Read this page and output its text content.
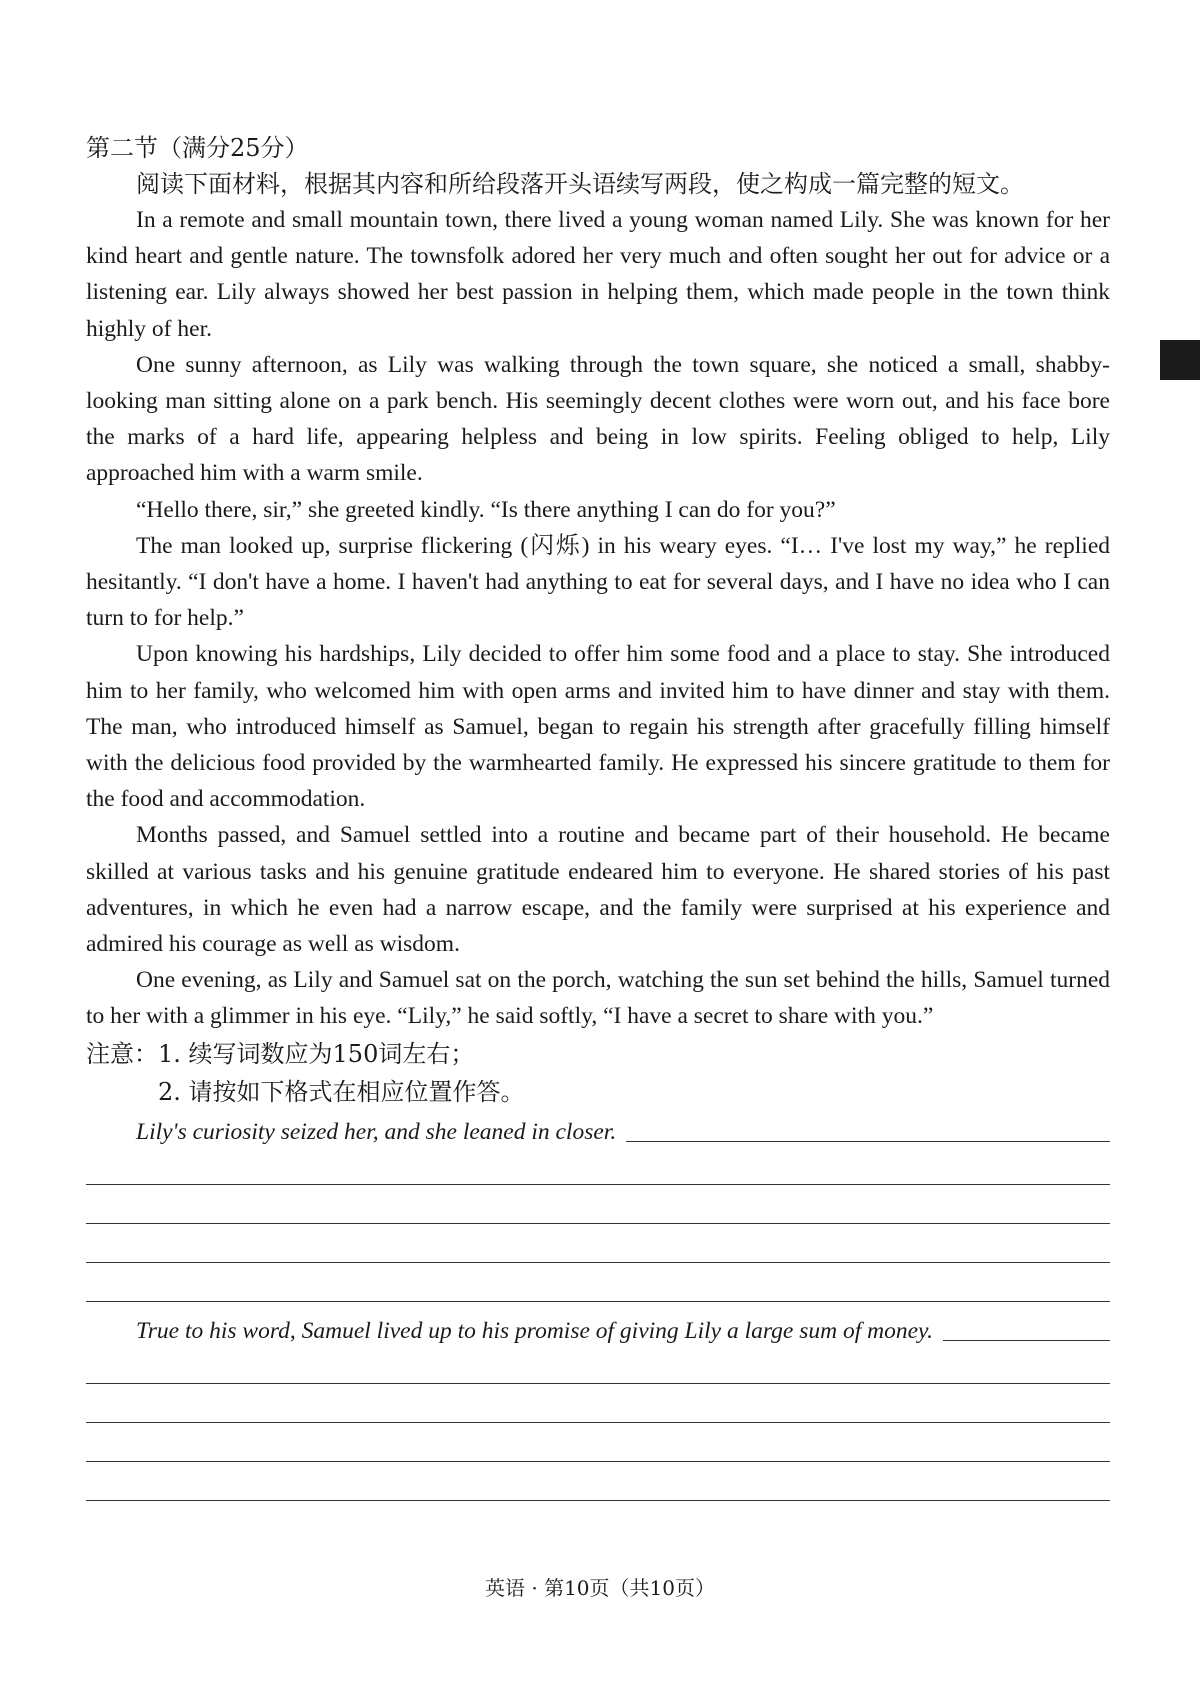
第二节（满分25分）

阅读下面材料，根据其内容和所给段落开头语续写两段，使之构成一篇完整的短文。

In a remote and small mountain town, there lived a young woman named Lily. She was known for her kind heart and gentle nature. The townsfolk adored her very much and often sought her out for advice or a listening ear. Lily always showed her best passion in helping them, which made people in the town think highly of her.

One sunny afternoon, as Lily was walking through the town square, she noticed a small, shabby-looking man sitting alone on a park bench. His seemingly decent clothes were worn out, and his face bore the marks of a hard life, appearing helpless and being in low spirits. Feeling obliged to help, Lily approached him with a warm smile.

“Hello there, sir,” she greeted kindly. “Is there anything I can do for you?”

The man looked up, surprise flickering (闪烁) in his weary eyes. “I… I've lost my way,” he replied hesitantly. “I don't have a home. I haven't had anything to eat for several days, and I have no idea who I can turn to for help.”

Upon knowing his hardships, Lily decided to offer him some food and a place to stay. She introduced him to her family, who welcomed him with open arms and invited him to have dinner and stay with them. The man, who introduced himself as Samuel, began to regain his strength after gracefully filling himself with the delicious food provided by the warmhearted family. He expressed his sincere gratitude to them for the food and accommodation.

Months passed, and Samuel settled into a routine and became part of their household. He became skilled at various tasks and his genuine gratitude endeared him to everyone. He shared stories of his past adventures, in which he even had a narrow escape, and the family were surprised at his experience and admired his courage as well as wisdom.

One evening, as Lily and Samuel sat on the porch, watching the sun set behind the hills, Samuel turned to her with a glimmer in his eye. “Lily,” he said softly, “I have a secret to share with you.”

注意：1. 续写词数应为150词左右；

2. 请按如下格式在相应位置作答。

Lily's curiosity seized her, and she leaned in closer.
True to his word, Samuel lived up to his promise of giving Lily a large sum of money.
英语 · 第10页（共10页）
